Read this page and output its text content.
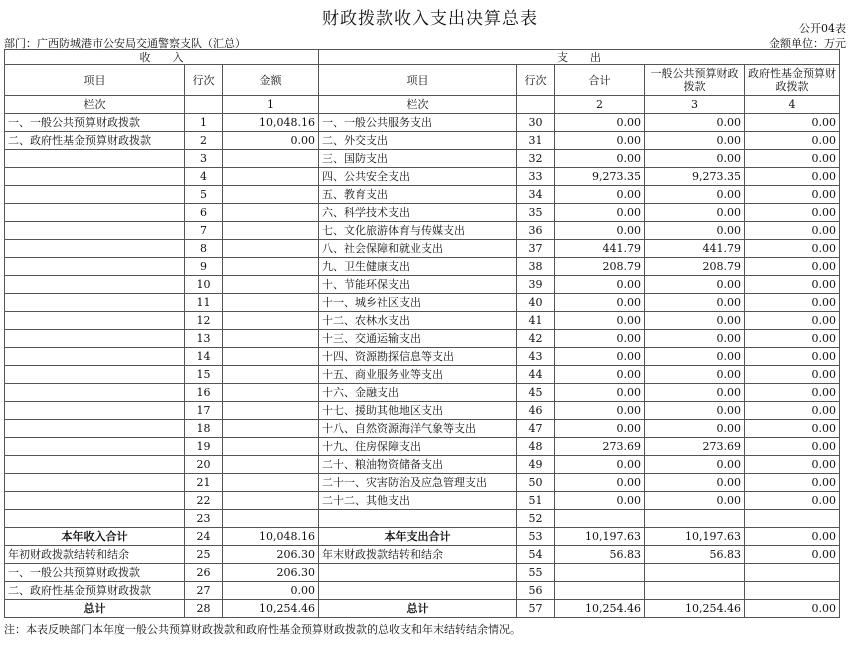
财政拨款收入支出决算总表	公开04表
部门：广西防城港市公安局交通警察支队（汇总）	金额单位：万元
收　　入			支　　出				
项目	行次	金额	项目	行次	合计	一般公共预算财政拨款	政府性基金预算财政拨款
栏次		1	栏次		2	3	4
一、一般公共预算财政拨款	1	10,048.16	一、一般公共服务支出	30	0.00	0.00	0.00
二、政府性基金预算财政拨款	2	0.00	二、外交支出	31	0.00	0.00	0.00
	3		三、国防支出	32	0.00	0.00	0.00
	4		四、公共安全支出	33	9,273.35	9,273.35	0.00
	5		五、教育支出	34	0.00	0.00	0.00
	6		六、科学技术支出	35	0.00	0.00	0.00
	7		七、文化旅游体育与传媒支出	36	0.00	0.00	0.00
	8		八、社会保障和就业支出	37	441.79	441.79	0.00
	9		九、卫生健康支出	38	208.79	208.79	0.00
	10		十、节能环保支出	39	0.00	0.00	0.00
	11		十一、城乡社区支出	40	0.00	0.00	0.00
	12		十二、农林水支出	41	0.00	0.00	0.00
	13		十三、交通运输支出	42	0.00	0.00	0.00
	14		十四、资源勘探信息等支出	43	0.00	0.00	0.00
	15		十五、商业服务业等支出	44	0.00	0.00	0.00
	16		十六、金融支出	45	0.00	0.00	0.00
	17		十七、援助其他地区支出	46	0.00	0.00	0.00
	18		十八、自然资源海洋气象等支出	47	0.00	0.00	0.00
	19		十九、住房保障支出	48	273.69	273.69	0.00
	20		二十、粮油物资储备支出	49	0.00	0.00	0.00
	21		二十一、灾害防治及应急管理支出	50	0.00	0.00	0.00
	22		二十二、其他支出	51	0.00	0.00	0.00
	23			52			
本年收入合计	24	10,048.16	本年支出合计	53	10,197.63	10,197.63	0.00
年初财政拨款结转和结余	25	206.30	年末财政拨款结转和结余	54	56.83	56.83	0.00
一、一般公共预算财政拨款	26	206.30		55			
二、政府性基金预算财政拨款	27	0.00		56			
总计	28	10,254.46	总计	57	10,254.46	10,254.46	0.00
注：本表反映部门本年度一般公共预算财政拨款和政府性基金预算财政拨款的总收支和年末结转结余情况。
